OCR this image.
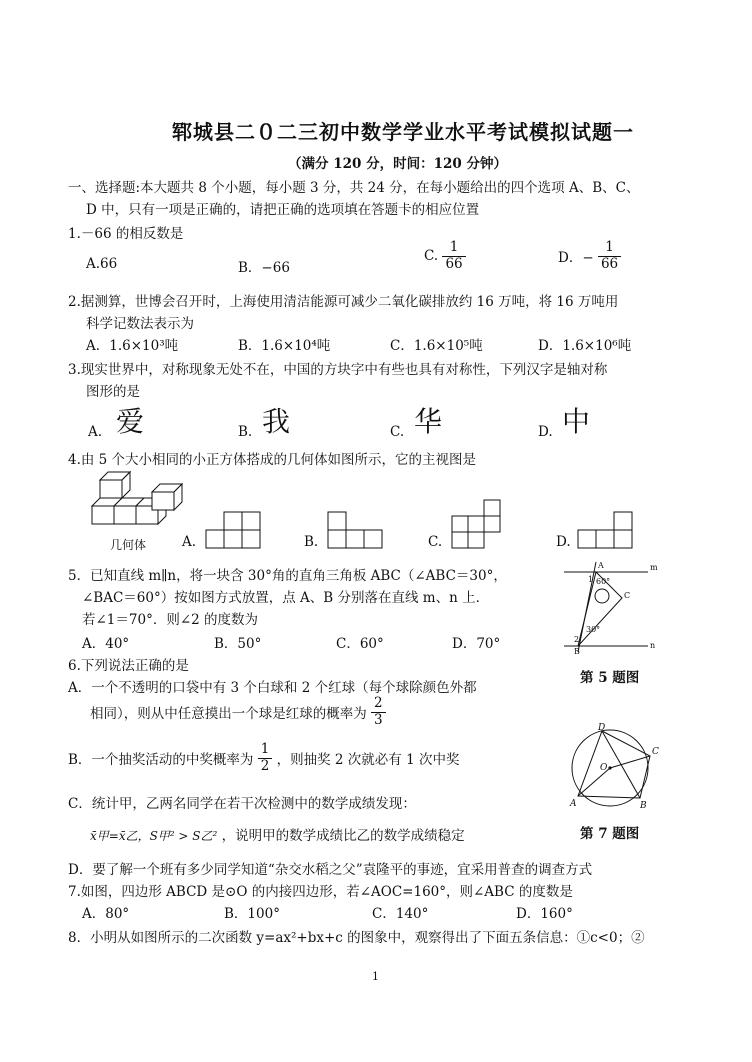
郓城县二０二三初中数学学业水平考试模拟试题一
（满分 120 分，时间：120 分钟）
一、选择题:本大题共 8 个小题，每小题 3 分，共 24 分，在每小题给出的四个选项 A、B、C、
D 中，只有一项是正确的，请把正确的选项填在答题卡的相应位置
1.－66 的相反数是
A.66	B．−66
C. $\frac{1}{66}$	D．− $\frac{1}{66}$
2.据测算，世博会召开时，上海使用清洁能源可减少二氧化碳排放约 16 万吨，将 16 万吨用
科学记数法表示为
A．1.6×10³吨	B．1.6×10⁴吨	C．1.6×10⁵吨	D．1.6×10⁶吨
3.现实世界中，对称现象无处不在，中国的方块字中有些也具有对称性，下列汉字是轴对称
图形的是
A. 爱	B. 我	C. 华	D. 中
4.由 5 个大小相同的小正方体搭成的几何体如图所示，它的主视图是
几何体	A.	B.	C.	D.
5．已知直线 m∥n，将一块含 30°角的直角三角板 ABC（∠ABC＝30°，
∠BAC＝60°）按如图方式放置，点 A、B 分别落在直线 m、n 上．
若∠1＝70°．则∠2 的度数为
A．40°	B．50°	C．60°	D．70°
A	m
C
n
B
1 60°
30°
2
第 5 题图
6.下列说法正确的是
A．一个不透明的口袋中有 3 个白球和 2 个红球（每个球除颜色外都
相同），则从中任意摸出一个球是红球的概率为 $\frac{2}{3}$
B．一个抽奖活动的中奖概率为 $\frac{1}{2}$ ，则抽奖 2 次就必有 1 次中奖
C．统计甲，乙两名同学在若干次检测中的数学成绩发现：
x̄甲=x̄乙，S甲² > S乙² ，说明甲的数学成绩比乙的数学成绩稳定
D．要了解一个班有多少同学知道“杂交水稻之父”袁隆平的事迹，宜采用普查的调查方式
D
C
O
A	B
第 7 题图
7.如图，四边形 ABCD 是⊙O 的内接四边形，若∠AOC=160°，则∠ABC 的度数是
A．80°	B．100°	C．140°	D．160°
8．小明从如图所示的二次函数 y=ax²+bx+c 的图象中，观察得出了下面五条信息：①c<0；②
1
